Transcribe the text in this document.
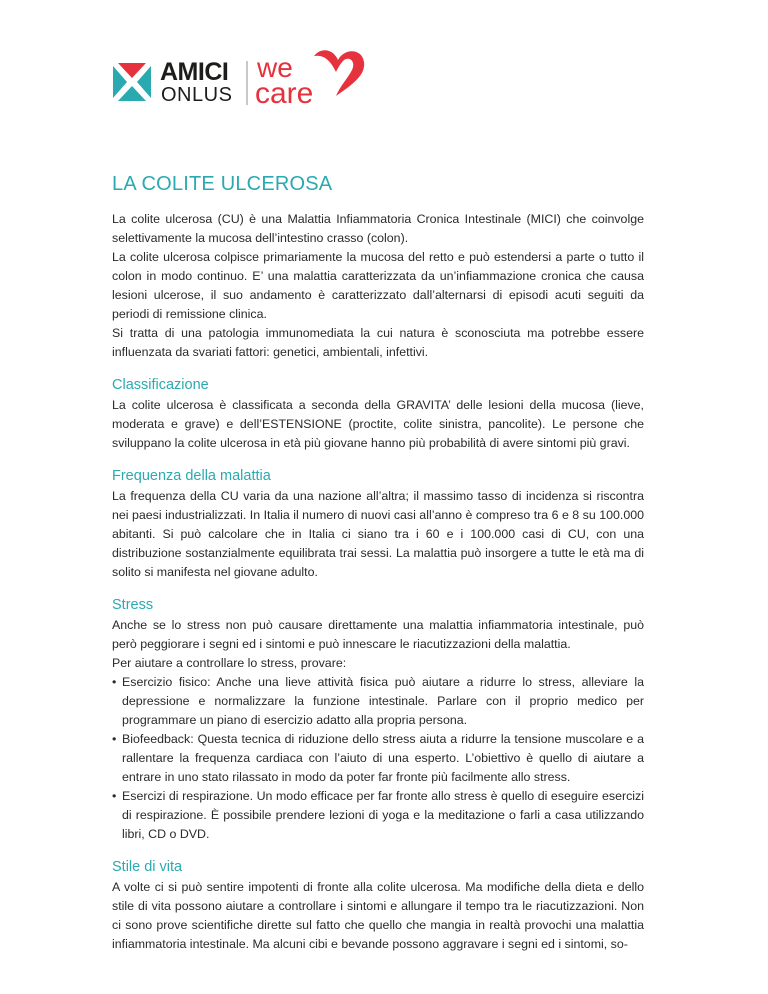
AMICI
ONLUS
we
care
LA COLITE ULCEROSA

La colite ulcerosa (CU) è una Malattia Infiammatoria Cronica Intestinale (MICI) che coinvolge selettivamente la mucosa dell’intestino crasso (colon).

La colite ulcerosa colpisce primariamente la mucosa del retto e può estendersi a parte o tutto il colon in modo continuo. E’ una malattia caratterizzata da un’infiammazione cronica che causa lesioni ulcerose, il suo andamento è caratterizzato dall’alternarsi di episodi acuti seguiti da periodi di remissione clinica.

Si tratta di una patologia immunomediata la cui natura è sconosciuta ma potrebbe essere influenzata da svariati fattori: genetici, ambientali, infettivi.

Classificazione

La colite ulcerosa è classificata a seconda della GRAVITA’ delle lesioni della mucosa (lieve, moderata e grave) e dell’ESTENSIONE (proctite, colite sinistra, pancolite). Le persone che sviluppano la colite ulcerosa in età più giovane hanno più probabilità di avere sintomi più gravi.

Frequenza della malattia

La frequenza della CU varia da una nazione all’altra; il massimo tasso di incidenza si riscontra nei paesi industrializzati. In Italia il numero di nuovi casi all’anno è compreso tra 6 e 8 su 100.000 abitanti. Si può calcolare che in Italia ci siano tra i 60 e i 100.000 casi di CU, con una distribuzione sostanzialmente equilibrata trai sessi. La malattia può insorgere a tutte le età ma di solito si manifesta nel giovane adulto.

Stress

Anche se lo stress non può causare direttamente una malattia infiammatoria intestinale, può però peggiorare i segni ed i sintomi e può innescare le riacutizzazioni della malattia.

Per aiutare a controllare lo stress, provare:

• Esercizio fisico: Anche una lieve attività fisica può aiutare a ridurre lo stress, alleviare la depressione e normalizzare la funzione intestinale. Parlare con il proprio medico per programmare un piano di esercizio adatto alla propria persona.
• Biofeedback: Questa tecnica di riduzione dello stress aiuta a ridurre la tensione muscolare e a rallentare la frequenza cardiaca con l’aiuto di una esperto. L’obiettivo è quello di aiutare a entrare in uno stato rilassato in modo da poter far fronte più facilmente allo stress.
• Esercizi di respirazione. Un modo efficace per far fronte allo stress è quello di eseguire esercizi di respirazione. È possibile prendere lezioni di yoga e la meditazione o farli a casa utilizzando libri, CD o DVD.
Stile di vita

A volte ci si può sentire impotenti di fronte alla colite ulcerosa. Ma modifiche della dieta e dello stile di vita possono aiutare a controllare i sintomi e allungare il tempo tra le riacutizzazioni. Non ci sono prove scientifiche dirette sul fatto che quello che mangia in realtà provochi una malattia infiammatoria intestinale. Ma alcuni cibi e bevande possono aggravare i segni ed i sintomi, so-
